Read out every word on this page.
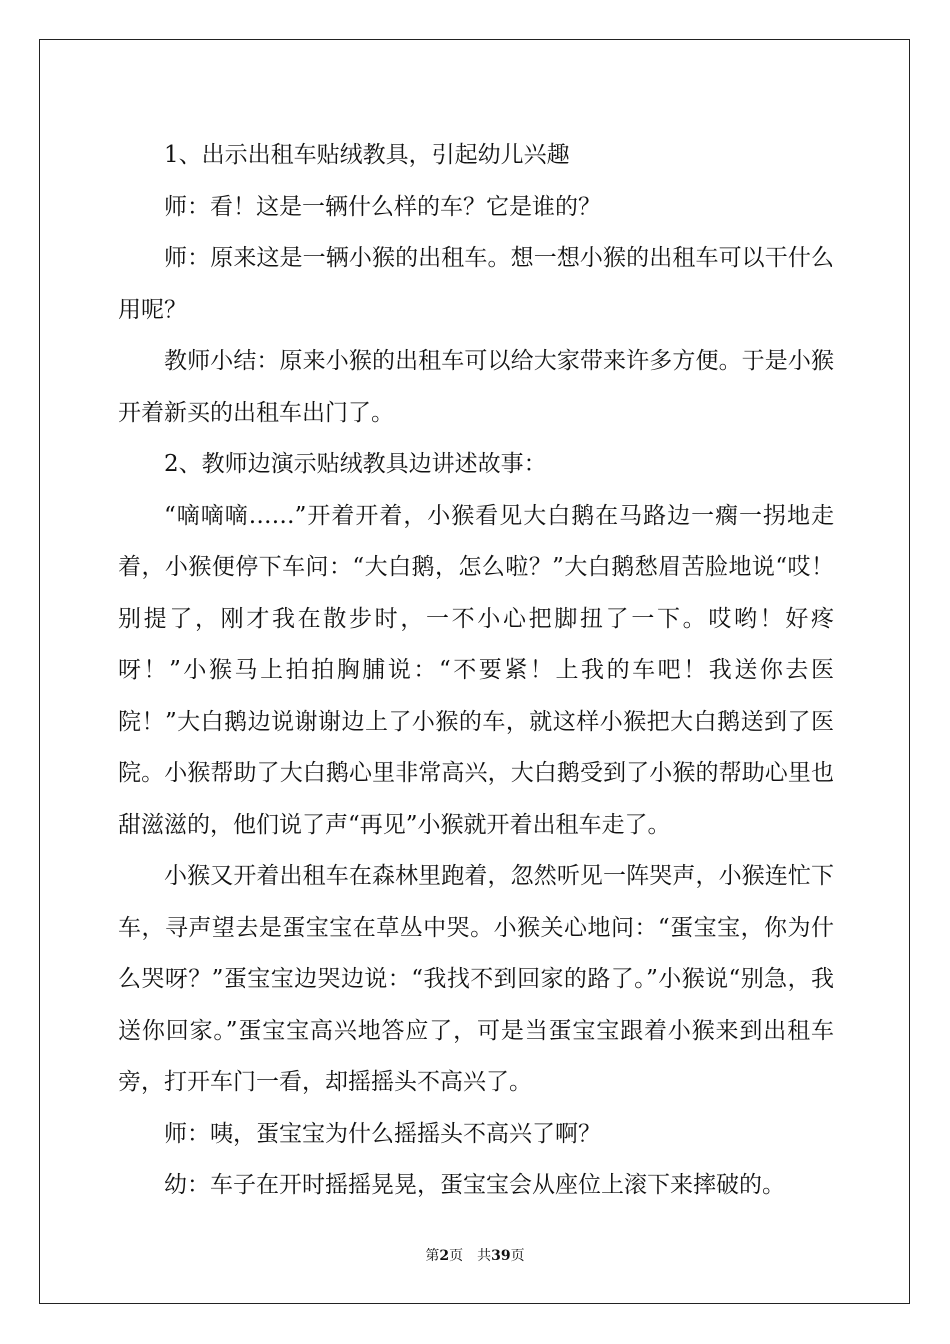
1、出示出租车贴绒教具，引起幼儿兴趣

师：看！这是一辆什么样的车？它是谁的？

师：原来这是一辆小猴的出租车。想一想小猴的出租车可以干什么用呢？

教师小结：原来小猴的出租车可以给大家带来许多方便。于是小猴开着新买的出租车出门了。

2、教师边演示贴绒教具边讲述故事：

“嘀嘀嘀……”开着开着，小猴看见大白鹅在马路边一瘸一拐地走着，小猴便停下车问：“大白鹅，怎么啦？”大白鹅愁眉苦脸地说“哎！别提了，刚才我在散步时，一不小心把脚扭了一下。哎哟！好疼呀！”小猴马上拍拍胸脯说：“不要紧！上我的车吧！我送你去医院！”大白鹅边说谢谢边上了小猴的车，就这样小猴把大白鹅送到了医院。小猴帮助了大白鹅心里非常高兴，大白鹅受到了小猴的帮助心里也甜滋滋的，他们说了声“再见”小猴就开着出租车走了。

小猴又开着出租车在森林里跑着，忽然听见一阵哭声，小猴连忙下车，寻声望去是蛋宝宝在草丛中哭。小猴关心地问：“蛋宝宝，你为什么哭呀？”蛋宝宝边哭边说：“我找不到回家的路了。”小猴说“别急，我送你回家。”蛋宝宝高兴地答应了，可是当蛋宝宝跟着小猴来到出租车旁，打开车门一看，却摇摇头不高兴了。

师：咦，蛋宝宝为什么摇摇头不高兴了啊？

幼：车子在开时摇摇晃晃，蛋宝宝会从座位上滚下来摔破的。

第2页 共39页
